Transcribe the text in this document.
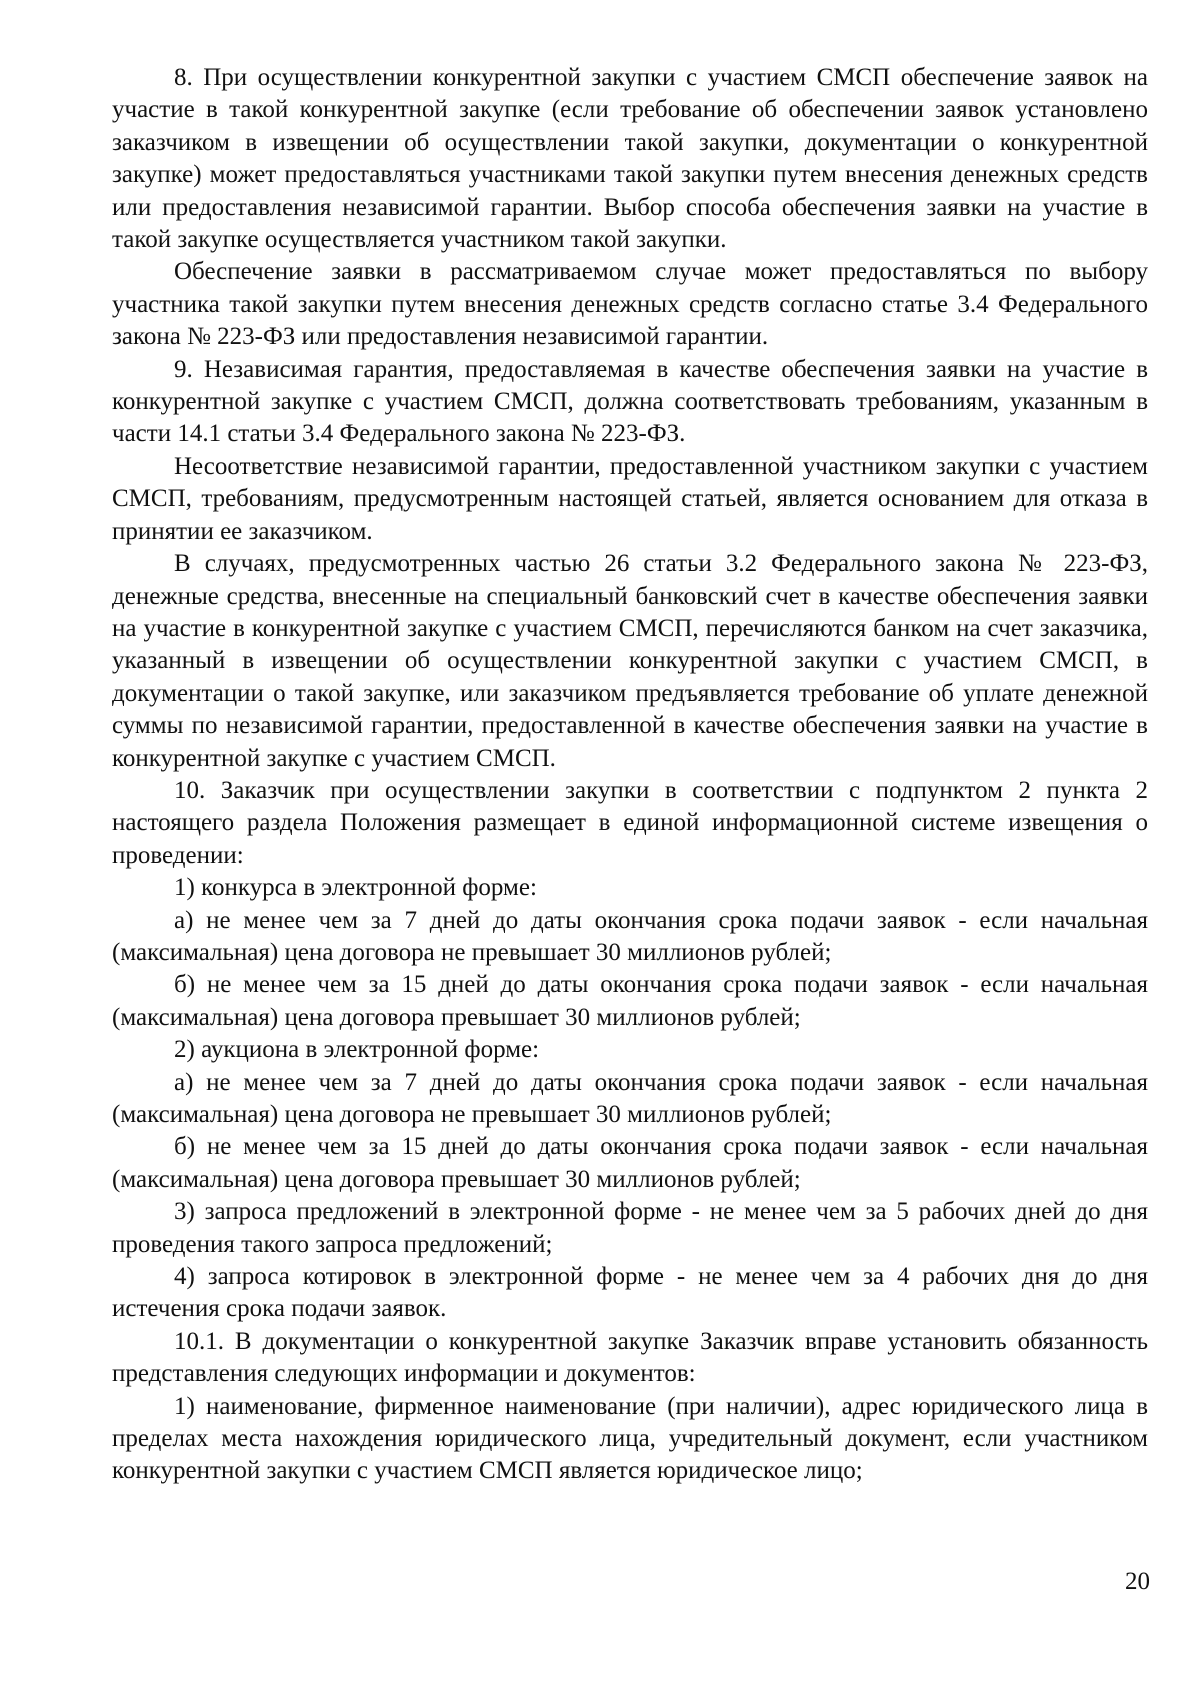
8. При осуществлении конкурентной закупки с участием СМСП обеспечение заявок на участие в такой конкурентной закупке (если требование об обеспечении заявок установлено заказчиком в извещении об осуществлении такой закупки, документации о конкурентной закупке) может предоставляться участниками такой закупки путем внесения денежных средств или предоставления независимой гарантии. Выбор способа обеспечения заявки на участие в такой закупке осуществляется участником такой закупки.

Обеспечение заявки в рассматриваемом случае может предоставляться по выбору участника такой закупки путем внесения денежных средств согласно статье 3.4 Федерального закона № 223-ФЗ или предоставления независимой гарантии.

9. Независимая гарантия, предоставляемая в качестве обеспечения заявки на участие в конкурентной закупке с участием СМСП, должна соответствовать требованиям, указанным в части 14.1 статьи 3.4 Федерального закона № 223-ФЗ.

Несоответствие независимой гарантии, предоставленной участником закупки с участием СМСП, требованиям, предусмотренным настоящей статьей, является основанием для отказа в принятии ее заказчиком.

В случаях, предусмотренных частью 26 статьи 3.2 Федерального закона № 223-ФЗ, денежные средства, внесенные на специальный банковский счет в качестве обеспечения заявки на участие в конкурентной закупке с участием СМСП, перечисляются банком на счет заказчика, указанный в извещении об осуществлении конкурентной закупки с участием СМСП, в документации о такой закупке, или заказчиком предъявляется требование об уплате денежной суммы по независимой гарантии, предоставленной в качестве обеспечения заявки на участие в конкурентной закупке с участием СМСП.

10. Заказчик при осуществлении закупки в соответствии с подпунктом 2 пункта 2 настоящего раздела Положения размещает в единой информационной системе извещения о проведении:

1) конкурса в электронной форме:

а) не менее чем за 7 дней до даты окончания срока подачи заявок - если начальная (максимальная) цена договора не превышает 30 миллионов рублей;

б) не менее чем за 15 дней до даты окончания срока подачи заявок - если начальная (максимальная) цена договора превышает 30 миллионов рублей;

2) аукциона в электронной форме:

а) не менее чем за 7 дней до даты окончания срока подачи заявок - если начальная (максимальная) цена договора не превышает 30 миллионов рублей;

б) не менее чем за 15 дней до даты окончания срока подачи заявок - если начальная (максимальная) цена договора превышает 30 миллионов рублей;

3) запроса предложений в электронной форме - не менее чем за 5 рабочих дней до дня проведения такого запроса предложений;

4) запроса котировок в электронной форме - не менее чем за 4 рабочих дня до дня истечения срока подачи заявок.

10.1. В документации о конкурентной закупке Заказчик вправе установить обязанность представления следующих информации и документов:

1) наименование, фирменное наименование (при наличии), адрес юридического лица в пределах места нахождения юридического лица, учредительный документ, если участником конкурентной закупки с участием СМСП является юридическое лицо;

20
